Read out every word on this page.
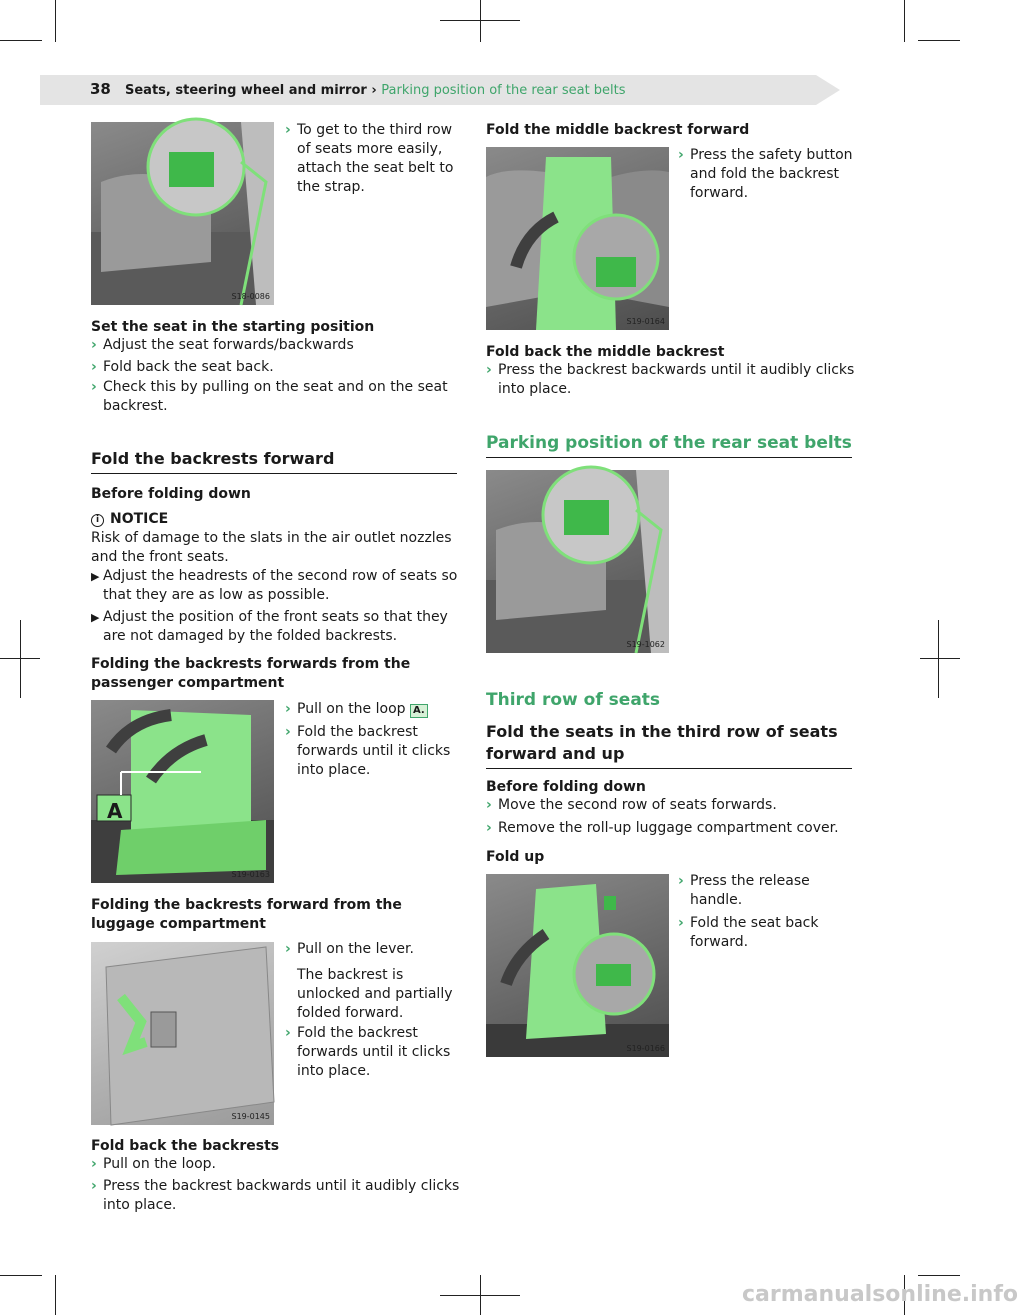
38 Seats, steering wheel and mirror › Parking position of the rear seat belts
S18-0086
› To get to the third row of seats more easily, attach the seat belt to the strap.
Set the seat in the starting position
› Adjust the seat forwards/backwards
› Fold back the seat back.
› Check this by pulling on the seat and on the seat backrest.
Fold the backrests forward
Before folding down
i NOTICE
Risk of damage to the slats in the air outlet nozzles and the front seats.
▶ Adjust the headrests of the second row of seats so that they are as low as possible.
▶ Adjust the position of the front seats so that they are not damaged by the folded backrests.
Folding the backrests forwards from the passenger compartment
A
S19-0163
› Pull on the loop A.
› Fold the backrest forwards until it clicks into place.
Folding the backrests forward from the luggage compartment
S19-0145
› Pull on the lever.
The backrest is unlocked and partially folded forward.
› Fold the backrest forwards until it clicks into place.
Fold back the backrests
› Pull on the loop.
› Press the backrest backwards until it audibly clicks into place.
Fold the middle backrest forward
S19-0164
› Press the safety button and fold the backrest forward.
Fold back the middle backrest
› Press the backrest backwards until it audibly clicks into place.
Parking position of the rear seat belts
S19-1062
Third row of seats
Fold the seats in the third row of seats forward and up
Before folding down
› Move the second row of seats forwards.
› Remove the roll-up luggage compartment cover.
Fold up
S19-0166
› Press the release handle.
› Fold the seat back forward.
carmanualsonline.info
